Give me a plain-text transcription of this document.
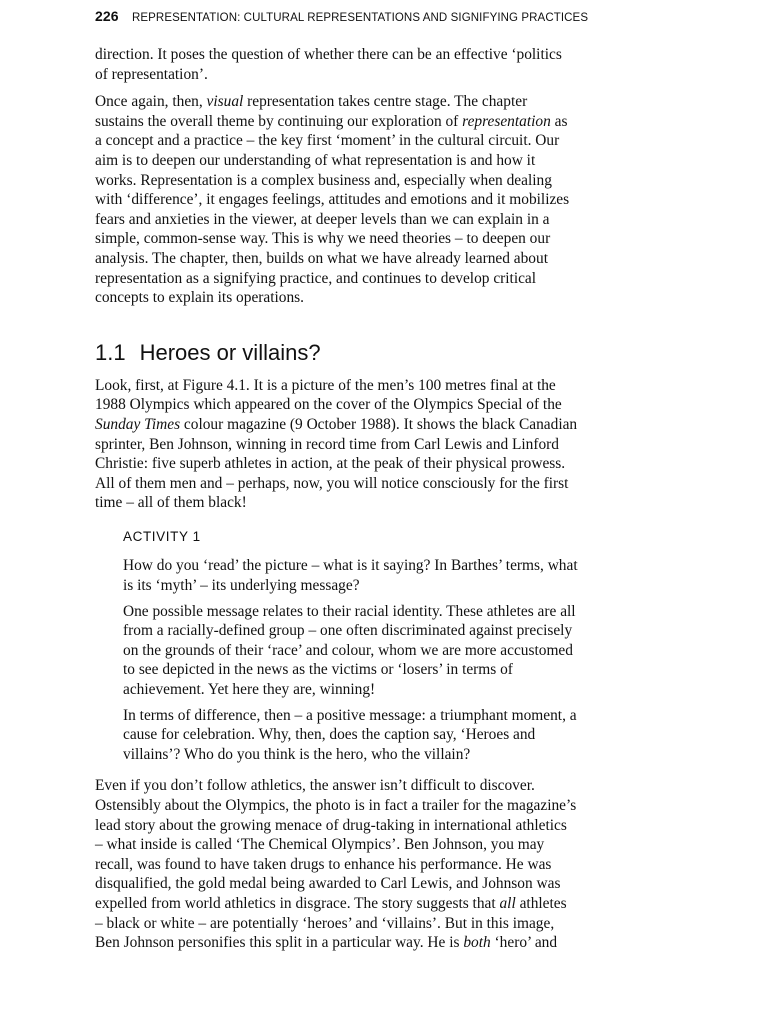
226 REPRESENTATION: CULTURAL REPRESENTATIONS AND SIGNIFYING PRACTICES

direction. It poses the question of whether there can be an effective ‘politics
of representation’.

Once again, then, visual representation takes centre stage. The chapter
sustains the overall theme by continuing our exploration of representation as
a concept and a practice – the key first ‘moment’ in the cultural circuit. Our
aim is to deepen our understanding of what representation is and how it
works. Representation is a complex business and, especially when dealing
with ‘difference’, it engages feelings, attitudes and emotions and it mobilizes
fears and anxieties in the viewer, at deeper levels than we can explain in a
simple, common-sense way. This is why we need theories – to deepen our
analysis. The chapter, then, builds on what we have already learned about
representation as a signifying practice, and continues to develop critical
concepts to explain its operations.

1.1 Heroes or villains?

Look, first, at Figure 4.1. It is a picture of the men’s 100 metres final at the
1988 Olympics which appeared on the cover of the Olympics Special of the
Sunday Times colour magazine (9 October 1988). It shows the black Canadian
sprinter, Ben Johnson, winning in record time from Carl Lewis and Linford
Christie: five superb athletes in action, at the peak of their physical prowess.
All of them men and – perhaps, now, you will notice consciously for the first
time – all of them black!

ACTIVITY 1

How do you ‘read’ the picture – what is it saying? In Barthes’ terms, what
is its ‘myth’ – its underlying message?

One possible message relates to their racial identity. These athletes are all
from a racially-defined group – one often discriminated against precisely
on the grounds of their ‘race’ and colour, whom we are more accustomed
to see depicted in the news as the victims or ‘losers’ in terms of
achievement. Yet here they are, winning!

In terms of difference, then – a positive message: a triumphant moment, a
cause for celebration. Why, then, does the caption say, ‘Heroes and
villains’? Who do you think is the hero, who the villain?

Even if you don’t follow athletics, the answer isn’t difficult to discover.
Ostensibly about the Olympics, the photo is in fact a trailer for the magazine’s
lead story about the growing menace of drug-taking in international athletics
– what inside is called ‘The Chemical Olympics’. Ben Johnson, you may
recall, was found to have taken drugs to enhance his performance. He was
disqualified, the gold medal being awarded to Carl Lewis, and Johnson was
expelled from world athletics in disgrace. The story suggests that all athletes
– black or white – are potentially ‘heroes’ and ‘villains’. But in this image,
Ben Johnson personifies this split in a particular way. He is both ‘hero’ and
